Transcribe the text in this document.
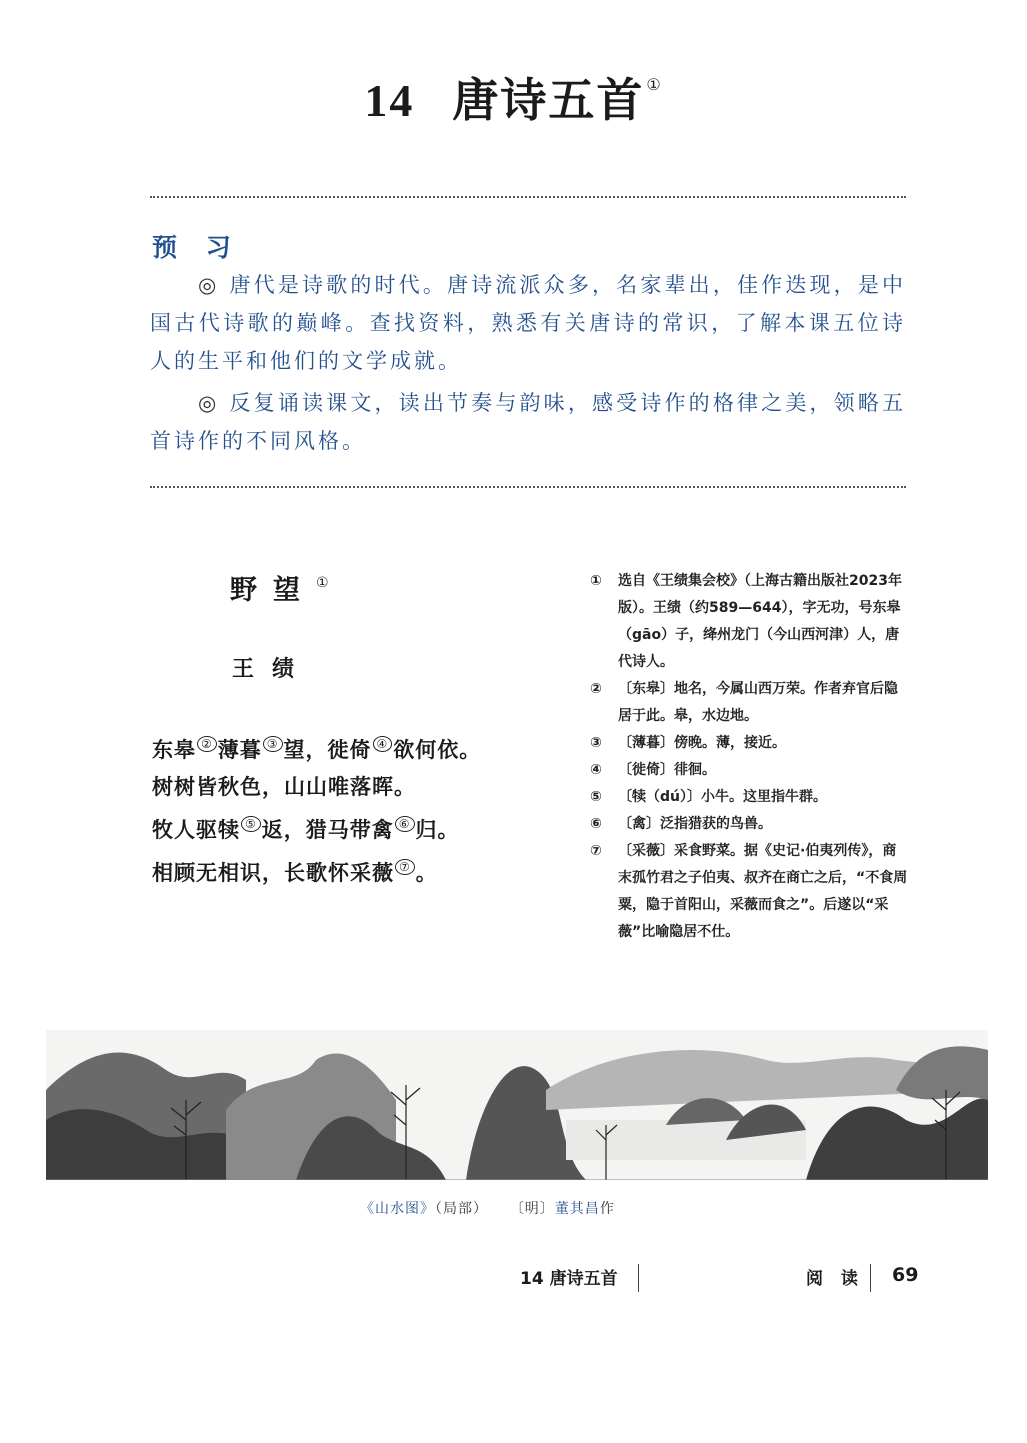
14 唐诗五首 ①
预 习
◎ 唐代是诗歌的时代。唐诗流派众多，名家辈出，佳作迭现，是中国古代诗歌的巅峰。查找资料，熟悉有关唐诗的常识，了解本课五位诗人的生平和他们的文学成就。
◎ 反复诵读课文，读出节奏与韵味，感受诗作的格律之美，领略五首诗作的不同风格。
野望①
王绩
东皋 ② 薄暮 ③ 望，徙倚 ④ 欲何依。
树树皆秋色，山山唯落晖。
牧人驱犊 ⑤ 返，猎马带禽 ⑥ 归。
相顾无相识，长歌怀采薇 ⑦ 。
① 选自《王绩集会校》（上海古籍出版社2023年版）。王绩（约589—644），字无功，号东皋（gāo）子，绛州龙门（今山西河津）人，唐代诗人。
② 〔东皋〕地名，今属山西万荣。作者弃官后隐居于此。皋，水边地。
③ 〔薄暮〕傍晚。薄，接近。
④ 〔徙倚〕徘徊。
⑤ 〔犊（dú）〕小牛。这里指牛群。
⑥ 〔禽〕泛指猎获的鸟兽。
⑦ 〔采薇〕采食野菜。据《史记·伯夷列传》，商末孤竹君之子伯夷、叔齐在商亡之后，“不食周粟，隐于首阳山，采薇而食之”。后遂以“采薇”比喻隐居不仕。
《山水图》（局部） 〔明〕董其昌作
14 唐诗五首	阅 读 69
